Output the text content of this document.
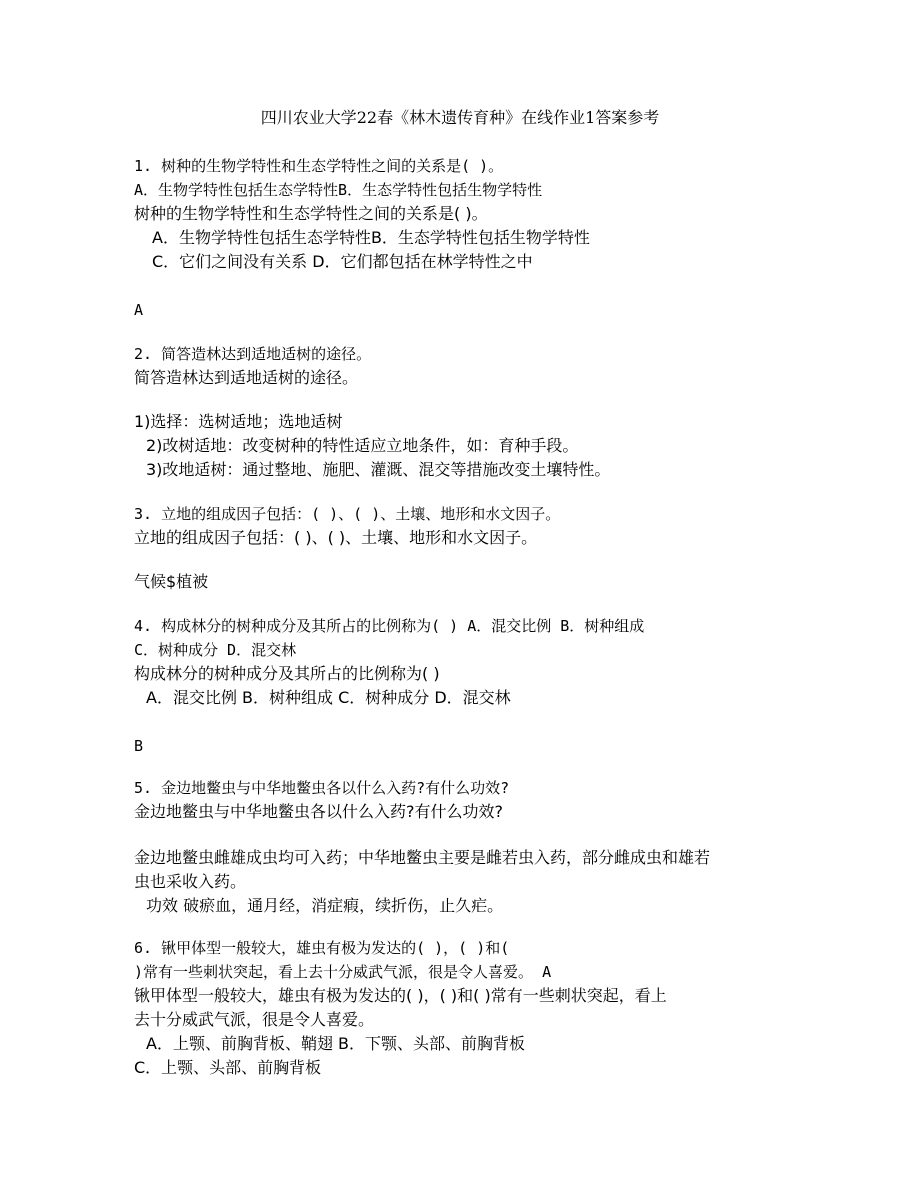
四川农业大学22春《林木遗传育种》在线作业1答案参考
1. 树种的生物学特性和生态学特性之间的关系是( )。
A．生物学特性包括生态学特性B．生态学特性包括生物学特性
树种的生物学特性和生态学特性之间的关系是( )。
A．生物学特性包括生态学特性B．生态学特性包括生物学特性
C．它们之间没有关系 D．它们都包括在林学特性之中
A
2. 简答造林达到适地适树的途径。
简答造林达到适地适树的途径。
1)选择：选树适地；选地适树
2)改树适地：改变树种的特性适应立地条件，如：育种手段。
3)改地适树：通过整地、施肥、灌溉、混交等措施改变土壤特性。
3. 立地的组成因子包括：( )、( )、土壤、地形和水文因子。
立地的组成因子包括：( )、( )、土壤、地形和水文因子。
气候$植被
4. 构成林分的树种成分及其所占的比例称为( ) A．混交比例 B．树种组成
C．树种成分 D．混交林
构成林分的树种成分及其所占的比例称为( )
A．混交比例 B．树种组成 C．树种成分 D．混交林
B
5. 金边地鳖虫与中华地鳖虫各以什么入药?有什么功效?
金边地鳖虫与中华地鳖虫各以什么入药?有什么功效?
金边地鳖虫雌雄成虫均可入药；中华地鳖虫主要是雌若虫入药，部分雌成虫和雄若
虫也采收入药。
功效 破瘀血，通月经，消症瘕，续折伤，止久疟。
6. 锹甲体型一般较大，雄虫有极为发达的( )，( )和(
)常有一些刺状突起，看上去十分威武气派，很是令人喜爱。 A
锹甲体型一般较大，雄虫有极为发达的( )，( )和( )常有一些刺状突起，看上
去十分威武气派，很是令人喜爱。
A．上颚、前胸背板、鞘翅 B．下颚、头部、前胸背板
C．上颚、头部、前胸背板
